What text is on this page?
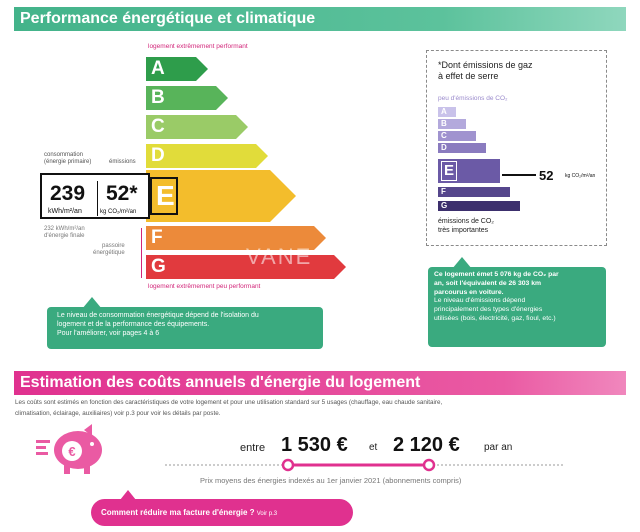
Performance énergétique et climatique
logement extrêmement performant
A
B
C
D
E
F
G	VANE
logement extrêmement peu performant
consommation
(énergie primaire)	émissions
239 52*
kWh/m²/an	kg CO₂/m²/an
232 kWh/m²/an
d'énergie finale
passoire
énergétique
Le niveau de consommation énergétique dépend de l'isolation du
logement et de la performance des équipements.
Pour l'améliorer, voir pages 4 à 6
*Dont émissions de gaz
à effet de serre
peu d'émissions de CO₂
A
B
C
D
E
F
G
52 kg CO₂/m²/an
émissions de CO₂
très importantes
Ce logement émet 5 076 kg de CO₂ par
an, soit l'équivalent de 26 303 km
parcourus en voiture.
Le niveau d'émissions dépend
principalement des types d'énergies
utilisées (bois, électricité, gaz, fioul, etc.)
Estimation des coûts annuels d'énergie du logement
Les coûts sont estimés en fonction des caractéristiques de votre logement et pour une utilisation standard sur 5 usages (chauffage, eau chaude sanitaire,
climatisation, éclairage, auxiliaires) voir p.3 pour voir les détails par poste.
€	entre 1 530 € et 2 120 € par an
Prix moyens des énergies indexés au 1er janvier 2021 (abonnements compris)
Comment réduire ma facture d'énergie ? Voir p.3
